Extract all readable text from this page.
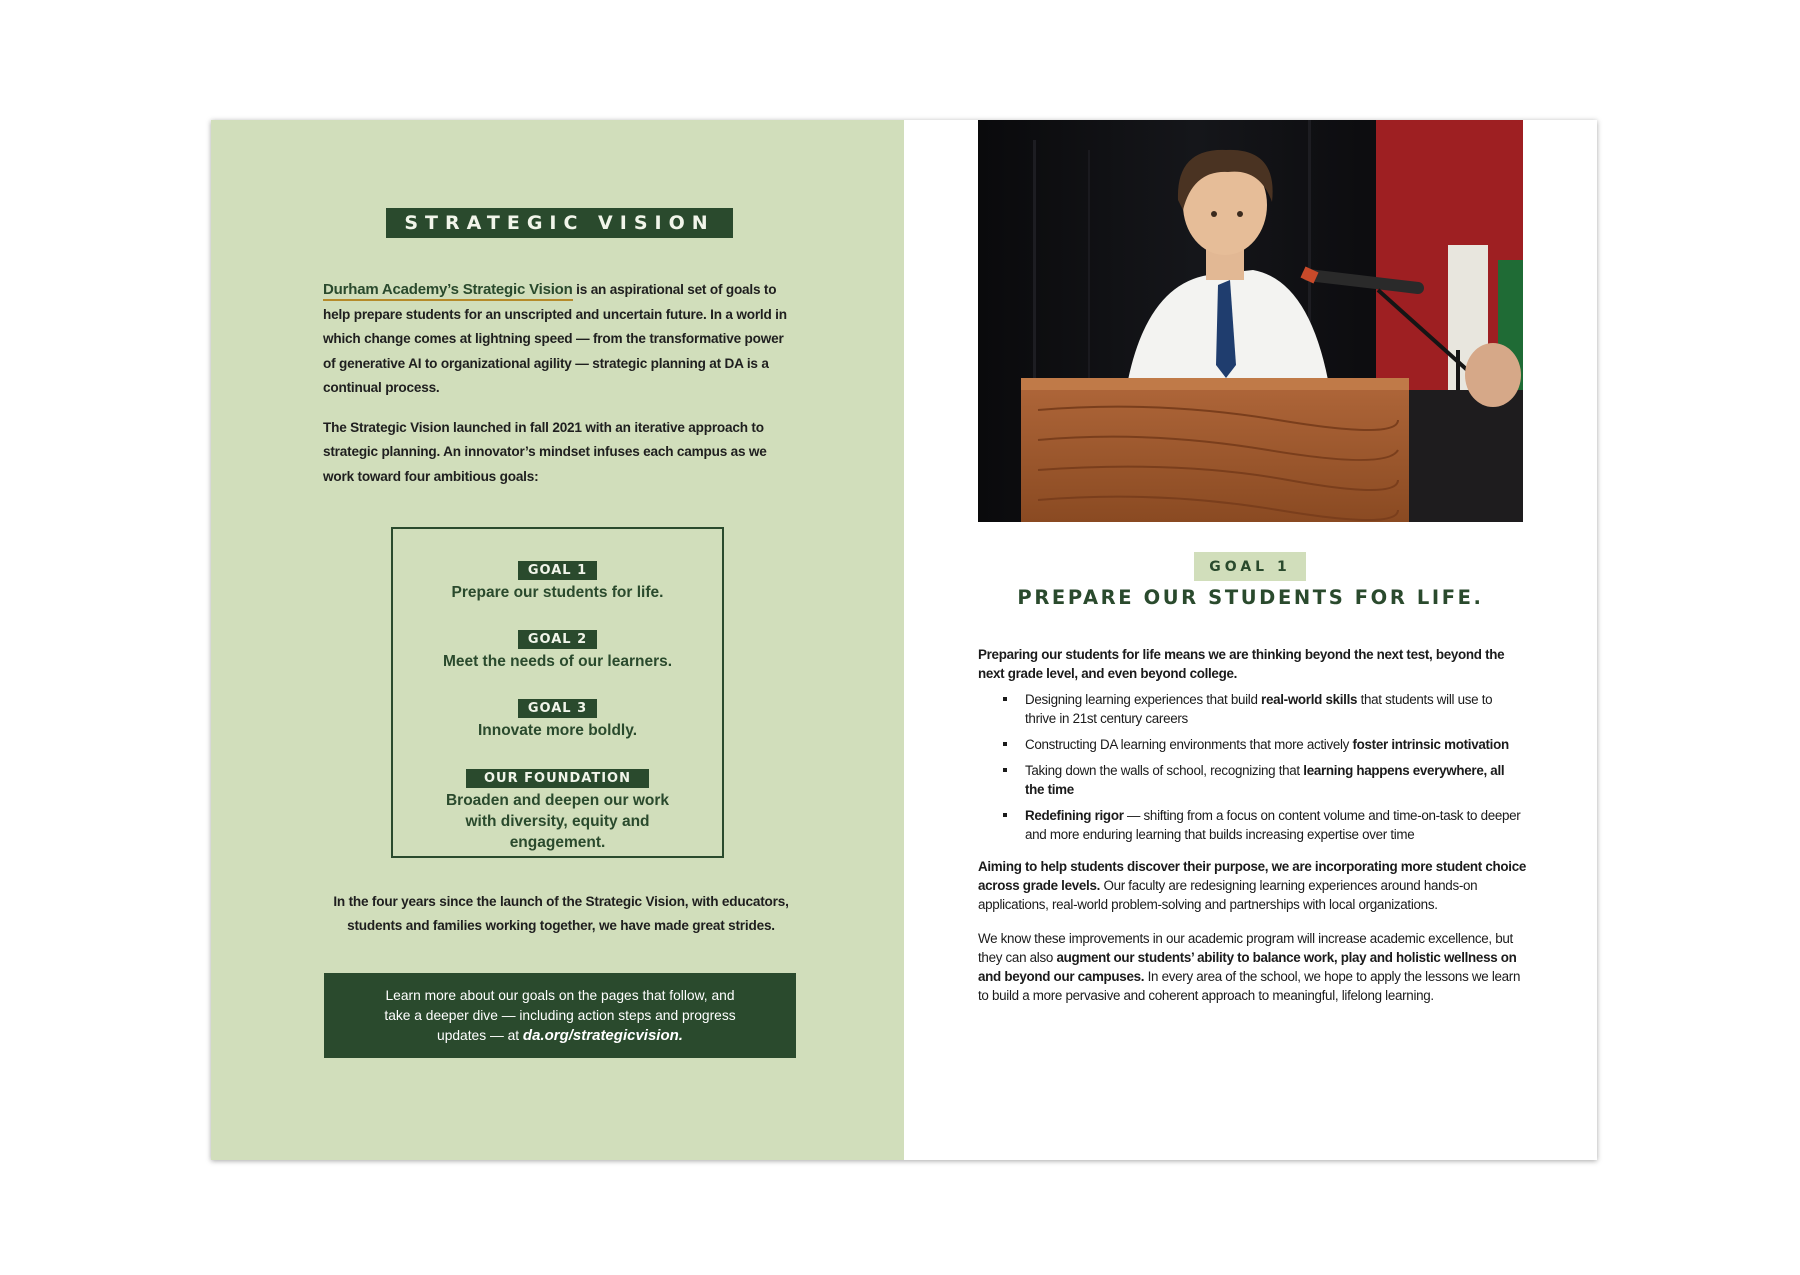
STRATEGIC VISION

Durham Academy’s Strategic Vision is an aspirational set of goals to help prepare students for an unscripted and uncertain future. In a world in which change comes at lightning speed — from the transformative power of generative AI to organizational agility — strategic planning at DA is a continual process.

The Strategic Vision launched in fall 2021 with an iterative approach to strategic planning. An innovator’s mindset infuses each campus as we work toward four ambitious goals:

GOAL 1
Prepare our students for life.
GOAL 2
Meet the needs of our learners.
GOAL 3
Innovate more boldly.
OUR FOUNDATION
Broaden and deepen our work with diversity, equity and engagement.
In the four years since the launch of the Strategic Vision, with educators, students and families working together, we have made great strides.
Learn more about our goals on the pages that follow, and take a deeper dive — including action steps and progress updates — at da.org/strategicvision.
GOAL 1
PREPARE OUR STUDENTS FOR LIFE.

Preparing our students for life means we are thinking beyond the next test, beyond the next grade level, and even beyond college.

Designing learning experiences that build real-world skills that students will use to thrive in 21st century careers
Constructing DA learning environments that more actively foster intrinsic motivation
Taking down the walls of school, recognizing that learning happens everywhere, all the time
Redefining rigor — shifting from a focus on content volume and time-on-task to deeper and more enduring learning that builds increasing expertise over time

Aiming to help students discover their purpose, we are incorporating more student choice across grade levels. Our faculty are redesigning learning experiences around hands-on applications, real-world problem-solving and partnerships with local organizations.

We know these improvements in our academic program will increase academic excellence, but they can also augment our students’ ability to balance work, play and holistic wellness on and beyond our campuses. In every area of the school, we hope to apply the lessons we learn to build a more pervasive and coherent approach to meaningful, lifelong learning.
